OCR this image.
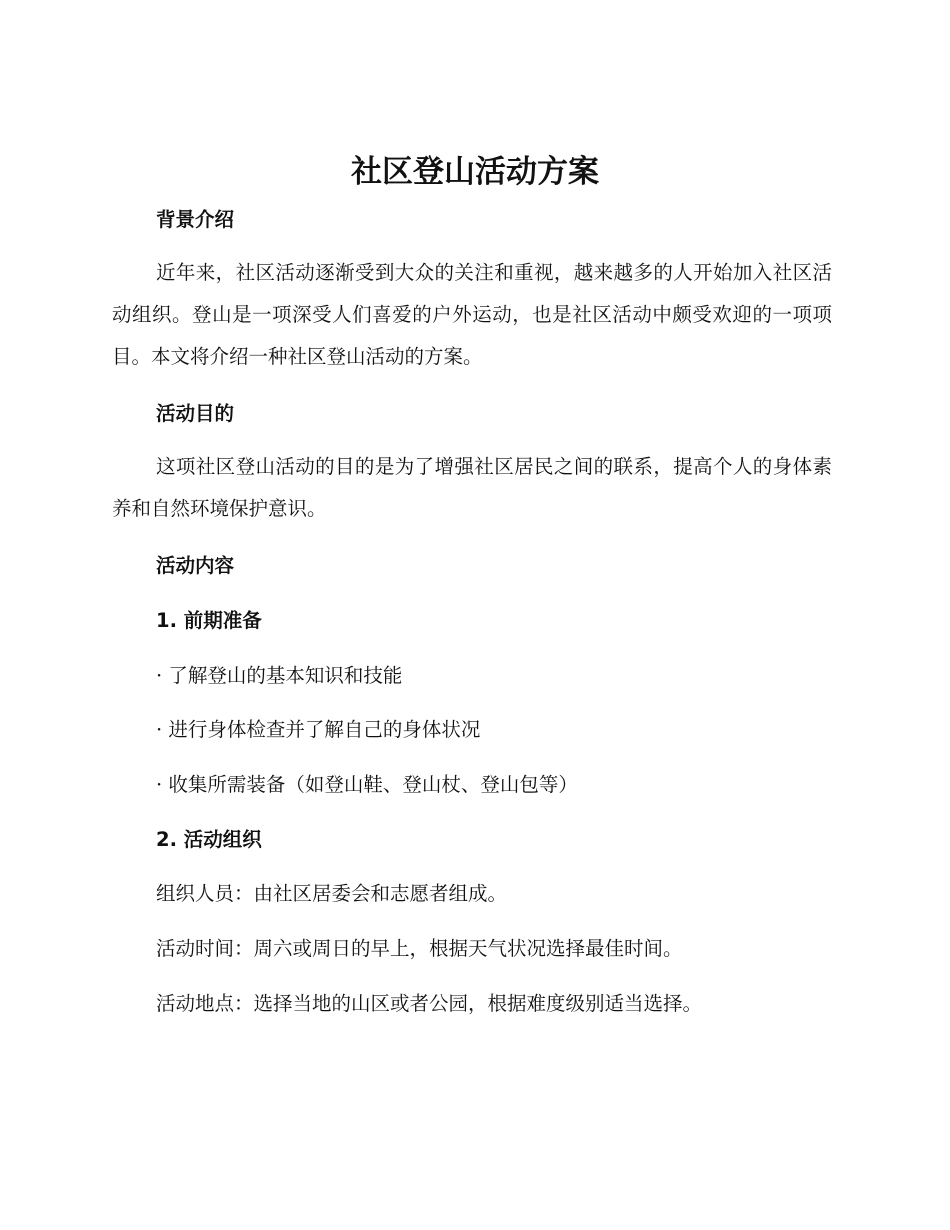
社区登山活动方案
背景介绍

近年来，社区活动逐渐受到大众的关注和重视，越来越多的人开始加入社区活动组织。登山是一项深受人们喜爱的户外运动，也是社区活动中颇受欢迎的一项项目。本文将介绍一种社区登山活动的方案。

活动目的

这项社区登山活动的目的是为了增强社区居民之间的联系，提高个人的身体素养和自然环境保护意识。

活动内容
1. 前期准备

· 了解登山的基本知识和技能

· 进行身体检查并了解自己的身体状况

· 收集所需装备（如登山鞋、登山杖、登山包等）

2. 活动组织

组织人员：由社区居委会和志愿者组成。

活动时间：周六或周日的早上，根据天气状况选择最佳时间。

活动地点：选择当地的山区或者公园，根据难度级别适当选择。
